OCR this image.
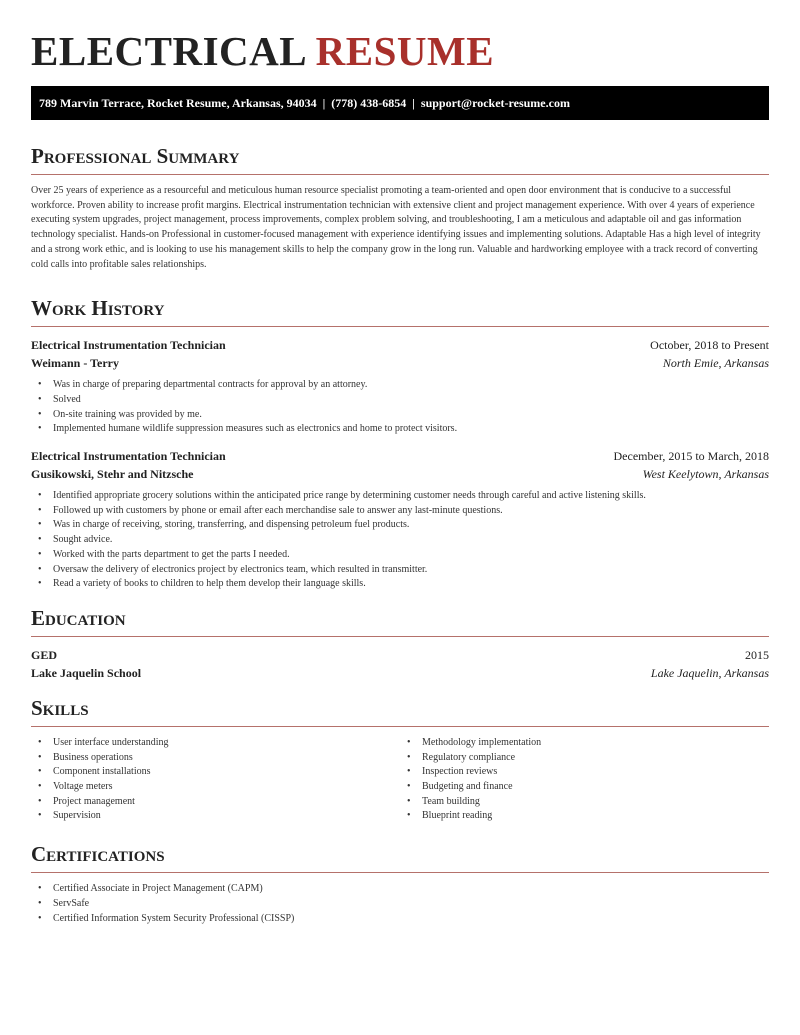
ELECTRICAL RESUME
789 Marvin Terrace, Rocket Resume, Arkansas, 94034  |  (778) 438-6854  |  support@rocket-resume.com
Professional Summary

Over 25 years of experience as a resourceful and meticulous human resource specialist promoting a team-oriented and open door environment that is conducive to a successful workforce. Proven ability to increase profit margins. Electrical instrumentation technician with extensive client and project management experience. With over 4 years of experience executing system upgrades, project management, process improvements, complex problem solving, and troubleshooting, I am a meticulous and adaptable oil and gas information technology specialist. Hands-on Professional in customer-focused management with experience identifying issues and implementing solutions. Adaptable Has a high level of integrity and a strong work ethic, and is looking to use his management skills to help the company grow in the long run. Valuable and hardworking employee with a track record of converting cold calls into profitable sales relationships.

Work History
Electrical Instrumentation Technician	October, 2018 to Present
Weimann - Terry	North Emie, Arkansas
• Was in charge of preparing departmental contracts for approval by an attorney.
• Solved
• On-site training was provided by me.
• Implemented humane wildlife suppression measures such as electronics and home to protect visitors.
Electrical Instrumentation Technician	December, 2015 to March, 2018
Gusikowski, Stehr and Nitzsche	West Keelytown, Arkansas
• Identified appropriate grocery solutions within the anticipated price range by determining customer needs through careful and active listening skills.
• Followed up with customers by phone or email after each merchandise sale to answer any last-minute questions.
• Was in charge of receiving, storing, transferring, and dispensing petroleum fuel products.
• Sought advice.
• Worked with the parts department to get the parts I needed.
• Oversaw the delivery of electronics project by electronics team, which resulted in transmitter.
• Read a variety of books to children to help them develop their language skills.
Education
GED	2015
Lake Jaquelin School	Lake Jaquelin, Arkansas
Skills
• User interface understanding
• Business operations
• Component installations
• Voltage meters
• Project management
• Supervision
• Methodology implementation
• Regulatory compliance
• Inspection reviews
• Budgeting and finance
• Team building
• Blueprint reading
Certifications
• Certified Associate in Project Management (CAPM)
• ServSafe
• Certified Information System Security Professional (CISSP)
